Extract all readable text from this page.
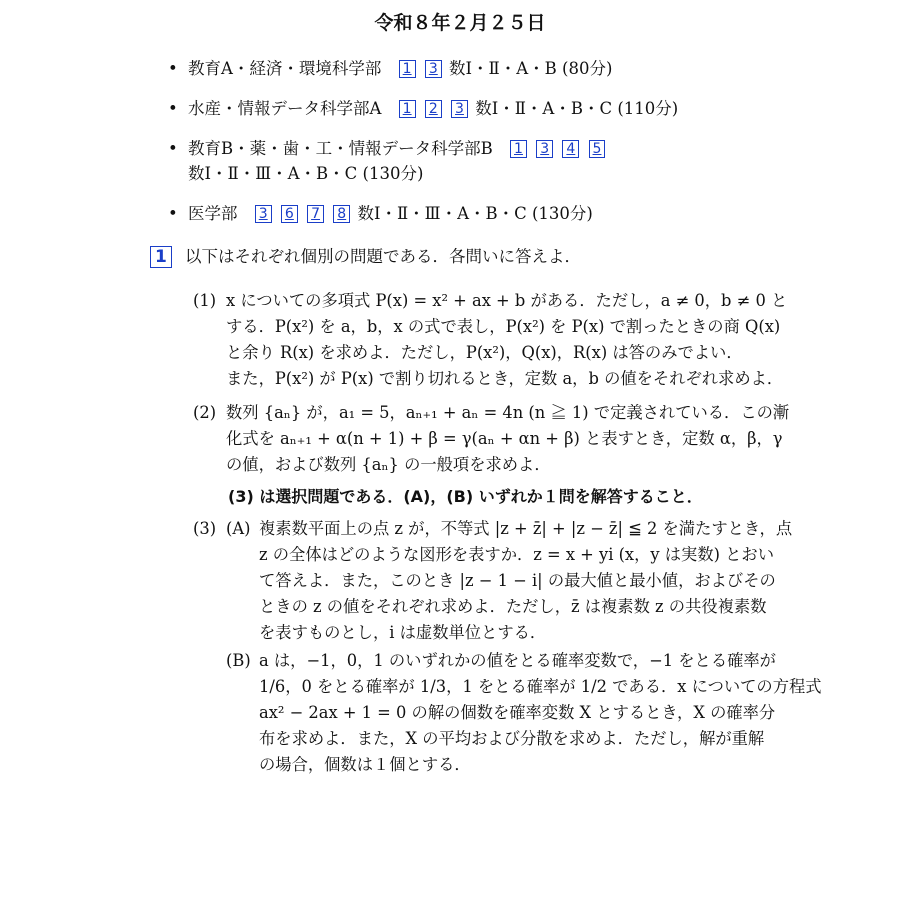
令和８年２月２５日
• 教育A・経済・環境科学部 1 3 数Ⅰ・Ⅱ・A・B (80分)
• 水産・情報データ科学部A 1 2 3 数Ⅰ・Ⅱ・A・B・C (110分)
• 教育B・薬・歯・工・情報データ科学部B 1 3 4 5
数Ⅰ・Ⅱ・Ⅲ・A・B・C (130分)
• 医学部 3 6 7 8 数Ⅰ・Ⅱ・Ⅲ・A・B・C (130分)
1 以下はそれぞれ個別の問題である．各問いに答えよ．
(1) x についての多項式 P(x) = x² + ax + b がある．ただし，a ≠ 0，b ≠ 0 と

する．P(x²) を a，b，x の式で表し，P(x²) を P(x) で割ったときの商 Q(x)

と余り R(x) を求めよ．ただし，P(x²)，Q(x)，R(x) は答のみでよい．

また，P(x²) が P(x) で割り切れるとき，定数 a，b の値をそれぞれ求めよ．

(2) 数列 {aₙ} が，a₁ = 5，aₙ₊₁ + aₙ = 4n (n ≧ 1) で定義されている．この漸

化式を aₙ₊₁ + α(n + 1) + β = γ(aₙ + αn + β) と表すとき，定数 α，β，γ

の値，および数列 {aₙ} の一般項を求めよ．

(3) は選択問題である．(A)，(B) いずれか１問を解答すること．
(3) (A) 複素数平面上の点 z が，不等式 |z + z̄| + |z − z̄| ≦ 2 を満たすとき，点

z の全体はどのような図形を表すか．z = x + yi (x，y は実数) とおい

て答えよ．また，このとき |z − 1 − i| の最大値と最小値，およびその

ときの z の値をそれぞれ求めよ．ただし，z̄ は複素数 z の共役複素数

を表すものとし，i は虚数単位とする．

(B) a は，−1，0，1 のいずれかの値をとる確率変数で，−1 をとる確率が

1/6，0 をとる確率が 1/3，1 をとる確率が 1/2 である．x についての方程式

ax² − 2ax + 1 = 0 の解の個数を確率変数 X とするとき，X の確率分

布を求めよ．また，X の平均および分散を求めよ．ただし，解が重解

の場合，個数は１個とする．
